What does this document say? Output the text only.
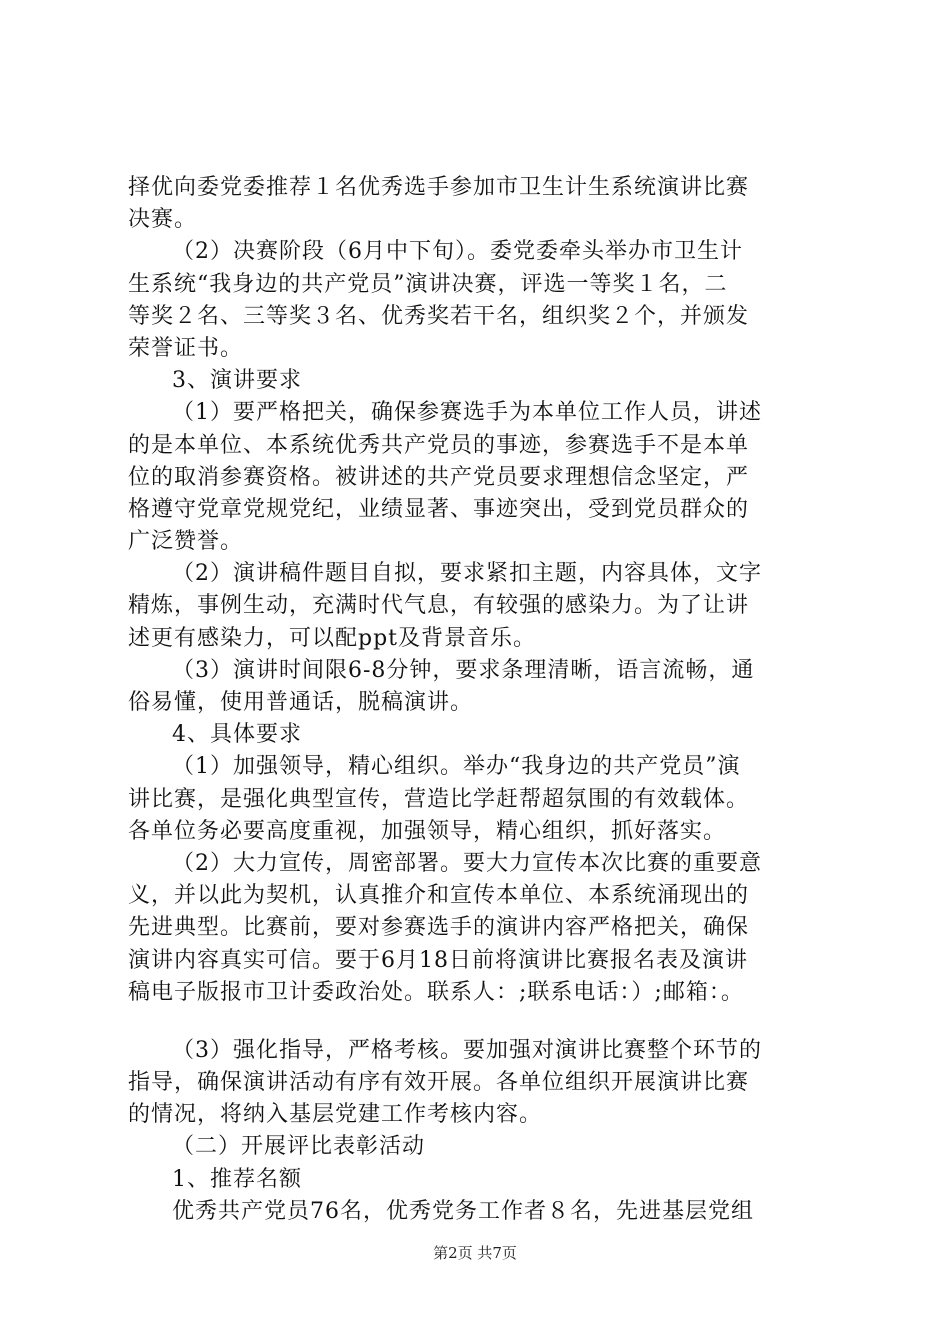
择优向委党委推荐１名优秀选手参加市卫生计生系统演讲比赛
决赛。
（2）决赛阶段（6月中下旬）。委党委牵头举办市卫生计
生系统“我身边的共产党员”演讲决赛，评选一等奖１名，二
等奖２名、三等奖３名、优秀奖若干名，组织奖２个，并颁发
荣誉证书。
3、演讲要求
（1）要严格把关，确保参赛选手为本单位工作人员，讲述
的是本单位、本系统优秀共产党员的事迹，参赛选手不是本单
位的取消参赛资格。被讲述的共产党员要求理想信念坚定，严
格遵守党章党规党纪，业绩显著、事迹突出，受到党员群众的
广泛赞誉。
（2）演讲稿件题目自拟，要求紧扣主题，内容具体，文字
精炼，事例生动，充满时代气息，有较强的感染力。为了让讲
述更有感染力，可以配ppt及背景音乐。
（3）演讲时间限6-8分钟，要求条理清晰，语言流畅，通
俗易懂，使用普通话，脱稿演讲。
4、具体要求
（1）加强领导，精心组织。举办“我身边的共产党员”演
讲比赛，是强化典型宣传，营造比学赶帮超氛围的有效载体。
各单位务必要高度重视，加强领导，精心组织，抓好落实。
（2）大力宣传，周密部署。要大力宣传本次比赛的重要意
义，并以此为契机，认真推介和宣传本单位、本系统涌现出的
先进典型。比赛前，要对参赛选手的演讲内容严格把关，确保
演讲内容真实可信。要于6月18日前将演讲比赛报名表及演讲
稿电子版报市卫计委政治处。联系人：;联系电话：）;邮箱：。
（3）强化指导，严格考核。要加强对演讲比赛整个环节的
指导，确保演讲活动有序有效开展。各单位组织开展演讲比赛
的情况，将纳入基层党建工作考核内容。
（二）开展评比表彰活动
1、推荐名额
优秀共产党员76名，优秀党务工作者８名，先进基层党组
第2页 共7页
